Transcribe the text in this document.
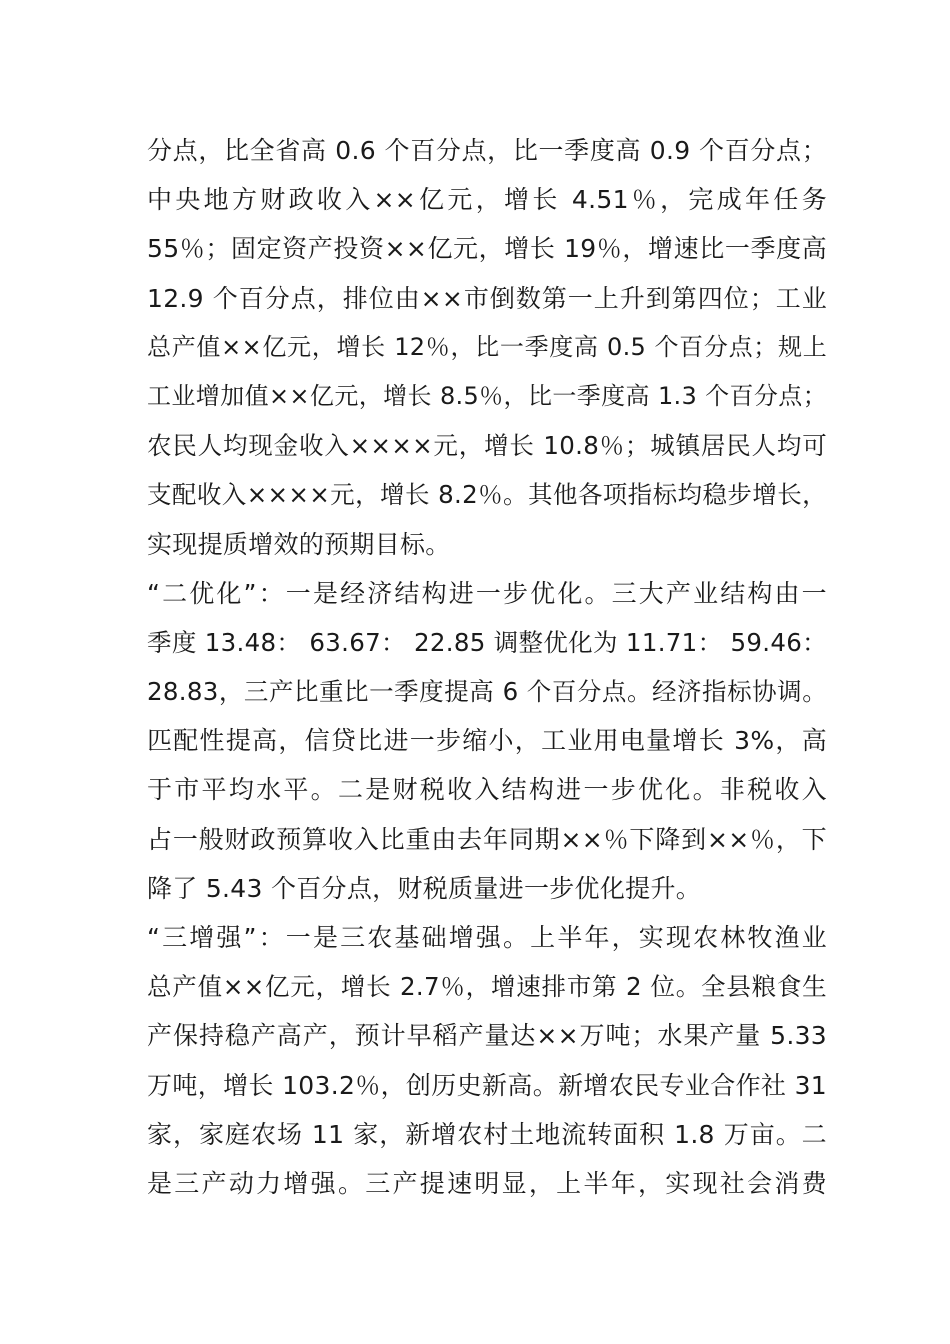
分点，比全省高 0.6 个百分点，比一季度高 0.9 个百分点；
中央地方财政收入××亿元，增长 4.51％，完成年任务
55％；固定资产投资××亿元，增长 19％，增速比一季度高
12.9 个百分点，排位由××市倒数第一上升到第四位；工业
总产值××亿元，增长 12％，比一季度高 0.5 个百分点；规上
工业增加值××亿元，增长 8.5％，比一季度高 1.3 个百分点；
农民人均现金收入××××元，增长 10.8％；城镇居民人均可
支配收入××××元，增长 8.2％。其他各项指标均稳步增长，
实现提质增效的预期目标。
“二优化”：一是经济结构进一步优化。三大产业结构由一
季度 13.48： 63.67： 22.85 调整优化为 11.71： 59.46：
28.83，三产比重比一季度提高 6 个百分点。经济指标协调。
匹配性提高，信贷比进一步缩小，工业用电量增长 3%，高
于市平均水平。二是财税收入结构进一步优化。非税收入
占一般财政预算收入比重由去年同期××％下降到××％，下
降了 5.43 个百分点，财税质量进一步优化提升。
“三增强”：一是三农基础增强。上半年，实现农林牧渔业
总产值××亿元，增长 2.7％，增速排市第 2 位。全县粮食生
产保持稳产高产，预计早稻产量达××万吨；水果产量 5.33
万吨，增长 103.2％，创历史新高。新增农民专业合作社 31
家，家庭农场 11 家，新增农村土地流转面积 1.8 万亩。二
是三产动力增强。三产提速明显，上半年，实现社会消费
